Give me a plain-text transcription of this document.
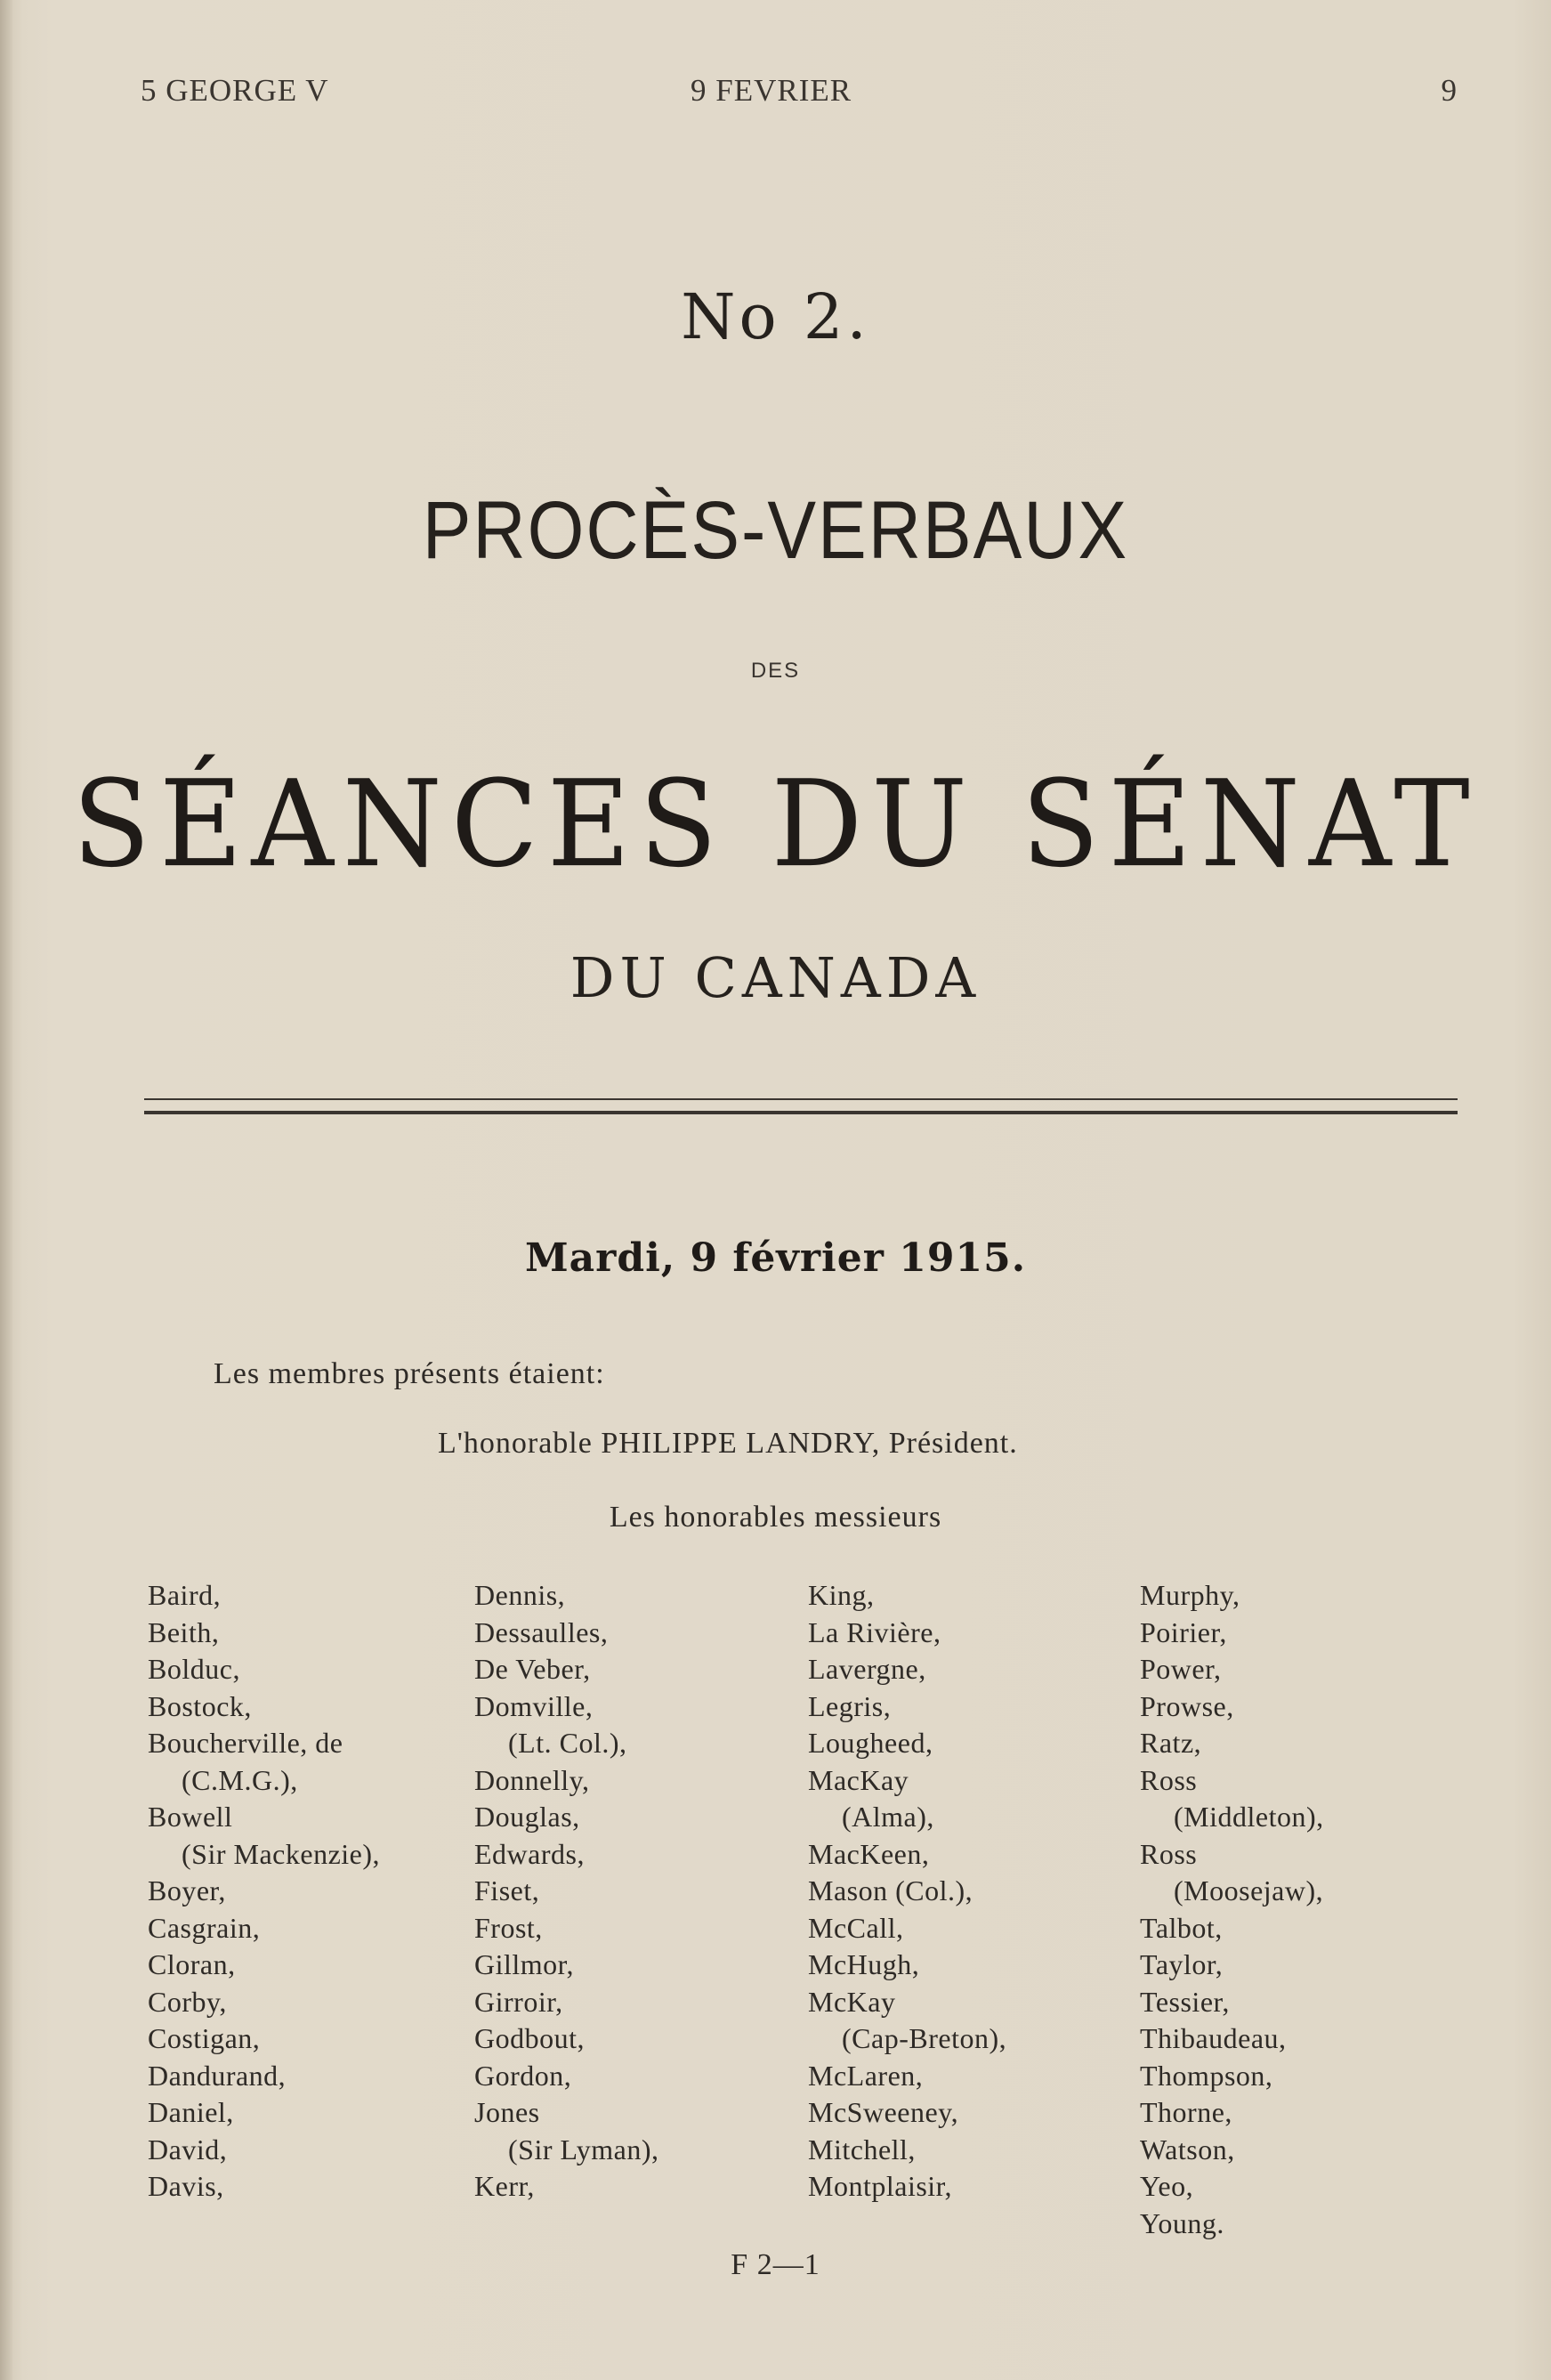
5 GEORGE V	9 FEVRIER	9
No 2.
PROCÈS-VERBAUX
DES
SÉANCES DU SÉNAT
DU CANADA
Mardi, 9 février 1915.
Les membres présents étaient:
L'honorable PHILIPPE LANDRY, Président.
Les honorables messieurs
Baird,
Beith,
Bolduc,
Bostock,
Boucherville, de
(C.M.G.),
Bowell
(Sir Mackenzie),
Boyer,
Casgrain,
Cloran,
Corby,
Costigan,
Dandurand,
Daniel,
David,
Davis,
Dennis,
Dessaulles,
De Veber,
Domville,
(Lt. Col.),
Donnelly,
Douglas,
Edwards,
Fiset,
Frost,
Gillmor,
Girroir,
Godbout,
Gordon,
Jones
(Sir Lyman),
Kerr,
King,
La Rivière,
Lavergne,
Legris,
Lougheed,
MacKay
(Alma),
MacKeen,
Mason (Col.),
McCall,
McHugh,
McKay
(Cap-Breton),
McLaren,
McSweeney,
Mitchell,
Montplaisir,
Murphy,
Poirier,
Power,
Prowse,
Ratz,
Ross
(Middleton),
Ross
(Moosejaw),
Talbot,
Taylor,
Tessier,
Thibaudeau,
Thompson,
Thorne,
Watson,
Yeo,
Young.
F 2—1
